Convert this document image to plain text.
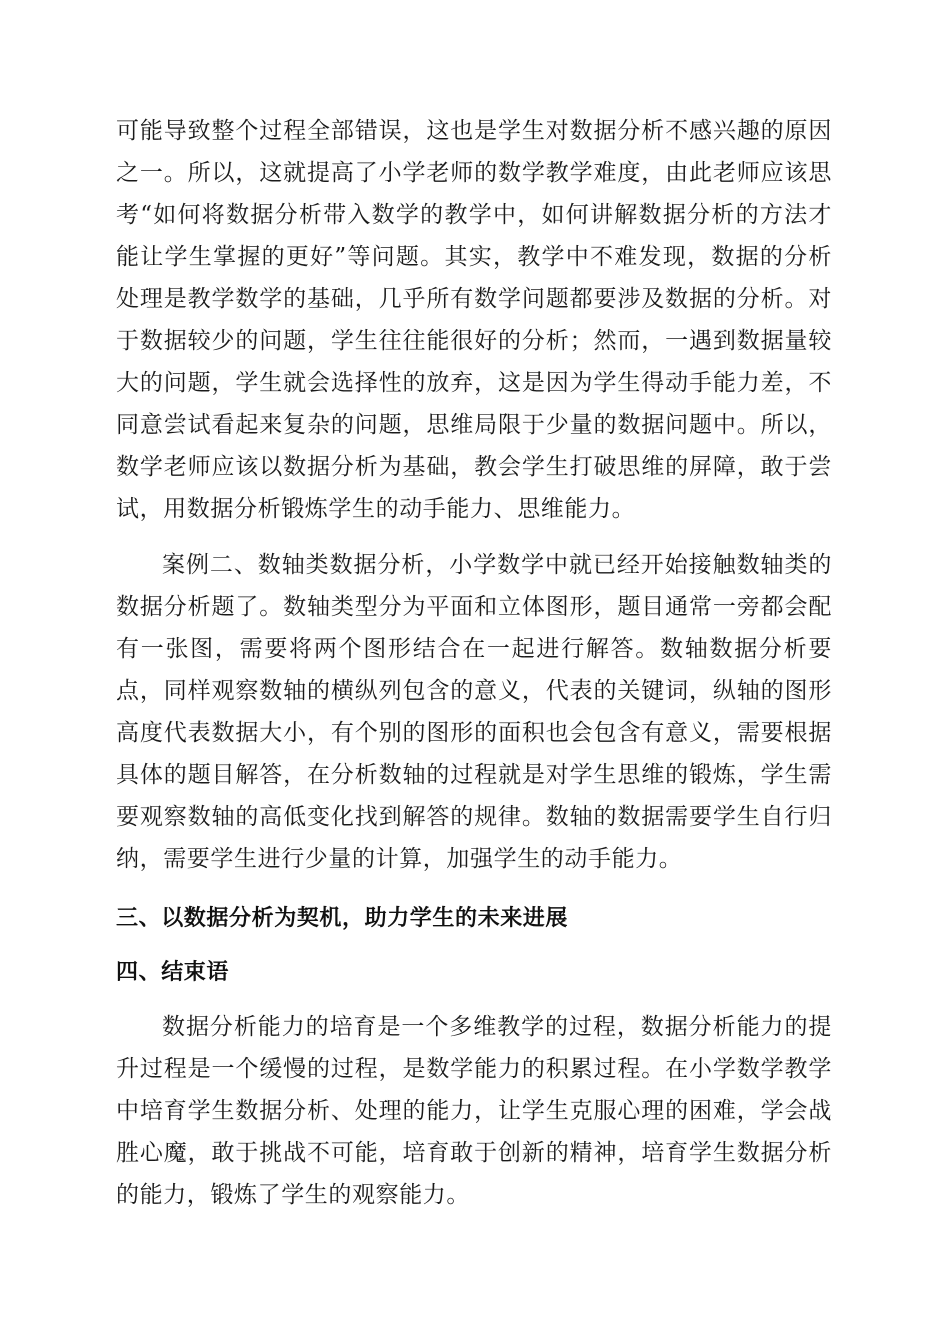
可能导致整个过程全部错误，这也是学生对数据分析不感兴趣的原因之一。所以，这就提高了小学老师的数学教学难度，由此老师应该思考“如何将数据分析带入数学的教学中，如何讲解数据分析的方法才能让学生掌握的更好”等问题。其实，教学中不难发现，数据的分析处理是教学数学的基础，几乎所有数学问题都要涉及数据的分析。对于数据较少的问题，学生往往能很好的分析；然而，一遇到数据量较大的问题，学生就会选择性的放弃，这是因为学生得动手能力差，不同意尝试看起来复杂的问题，思维局限于少量的数据问题中。所以，数学老师应该以数据分析为基础，教会学生打破思维的屏障，敢于尝试，用数据分析锻炼学生的动手能力、思维能力。

案例二、数轴类数据分析，小学数学中就已经开始接触数轴类的数据分析题了。数轴类型分为平面和立体图形，题目通常一旁都会配有一张图，需要将两个图形结合在一起进行解答。数轴数据分析要点，同样观察数轴的横纵列包含的意义，代表的关键词，纵轴的图形高度代表数据大小，有个别的图形的面积也会包含有意义，需要根据具体的题目解答，在分析数轴的过程就是对学生思维的锻炼，学生需要观察数轴的高低变化找到解答的规律。数轴的数据需要学生自行归纳，需要学生进行少量的计算，加强学生的动手能力。

三、以数据分析为契机，助力学生的未来进展
四、结束语

数据分析能力的培育是一个多维教学的过程，数据分析能力的提升过程是一个缓慢的过程，是数学能力的积累过程。在小学数学教学中培育学生数据分析、处理的能力，让学生克服心理的困难，学会战胜心魔，敢于挑战不可能，培育敢于创新的精神，培育学生数据分析的能力，锻炼了学生的观察能力。
